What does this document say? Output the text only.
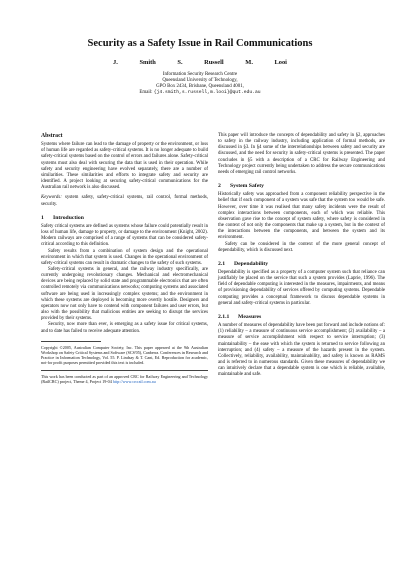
Security as a Safety Issue in Rail Communications
J. Smith	S. Russell	M. Looi
Information Security Research Centre
Queensland University of Technology,
GPO Box 2434, Brisbane, Queensland 4001,
Email: {j4.smith,s.russell,m.looi}@qut.edu.au
Abstract

Systems where failure can lead to the damage of property or the environment, or loss of human life are regarded as safety-critical systems. It is no longer adequate to build safety-critical systems based on the control of errors and failures alone. Safety-critical systems must also deal with securing the data that is used in their operation. While safety and security engineering have evolved separately, there are a number of similarities. These similarities and efforts to integrate safety and security are identified. A project looking at securing safety-critical communications for the Australian rail network is also discussed.

Keywords: system safety, safety-critical systems, rail control, formal methods, security.

1 Introduction

Safety critical systems are defined as systems whose failure could potentially result in loss of human life, damage to property, or damage to the environment (Knight, 2002). Modern railways are comprised of a range of systems that can be considered safety-critical according to this definition.

Safety results from a combination of system design and the operational environment in which that system is used. Changes in the operational environment of safety-critical systems can result in dramatic changes to the safety of such systems.

Safety-critical systems in general, and the railway industry specifically, are currently undergoing revolutionary changes. Mechanical and electromechanical devices are being replaced by solid state and programmable electronics that are often controlled remotely via communications networks; computing systems and associated software are being used in increasingly complex systems; and the environment in which these systems are deployed is becoming more overtly hostile. Designers and operators now not only have to contend with component failures and user errors, but also with the possibility that malicious entities are seeking to disrupt the services provided by their systems.

Security, now more than ever, is emerging as a safety issue for critical systems, and to date has failed to receive adequate attention.

Copyright ©2005, Australian Computer Society, Inc. This paper appeared at the 9th Australian Workshop on Safety Critical Systems and Software (SCS'05), Canberra. Conferences in Research and Practice in Information Technology, Vol. 55. P. Lindsay & T. Cant, Ed. Reproduction for academic, not-for profit purposes permitted provided this text is included.

This work has been conducted as part of an approved CRC for Railway Engineering and Technology (RailCRC) project, Theme 4, Project 19-04 http://www.crcrail.com.au

This paper will introduce the concepts of dependability and safety in §2, approaches to safety in the railway industry, including application of formal methods, are discussed in §3. In §4 some of the interrelationships between safety and security are discussed, and the need for security in safety-critical systems is presented. The paper concludes in §5 with a description of a CRC for Railway Engineering and Technology project currently being undertaken to address the secure communications needs of emerging rail control networks.

2 System Safety

Historically safety was approached from a component reliability perspective in the belief that if each component of a system was safe that the system too would be safe. However, over time it was realised that many safety incidents were the result of complex interactions between components, each of which was reliable. This observation gave rise to the concept of system safety, where safety is considered in the context of not only the components that make up a system, but in the context of the interactions between the components, and between the system and its environment.

Safety can be considered in the context of the more general concept of dependability, which is discussed next.

2.1 Dependability

Dependability is specified as a property of a computer system such that reliance can justifiably be placed on the service that such a system provides (Laprie, 1996). The field of dependable computing is interested in the measures, impairments, and means of provisioning dependability of services offered by computing systems. Dependable computing provides a conceptual framework to discuss dependable systems in general and safety-critical systems in particular.

2.1.1 Measures

A number of measures of dependability have been put forward and include notions of: (1) reliability – a measure of continuous service accomplishment; (2) availability – a measure of service accomplishment with respect to service interruption; (3) maintainability – the ease with which the system is returned to service following an interruption; and (4) safety – a measure of the hazards present in the system. Collectively, reliability, availability, maintainability, and safety is known as RAMS and is referred to in numerous standards. Given these measures of dependability we can intuitively declare that a dependable system is one which is reliable, available, maintainable and safe.
